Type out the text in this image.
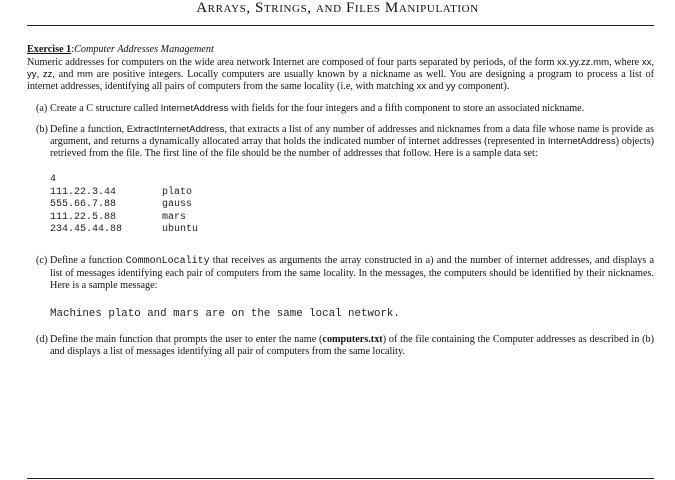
Arrays, Strings, and Files Manipulation

Exercise 1:Computer Addresses Management

Numeric addresses for computers on the wide area network Internet are composed of four parts separated by periods, of the form xx.yy.zz.mm, where xx, yy, zz, and mm are positive integers. Locally computers are usually known by a nickname as well. You are designing a program to process a list of internet addresses, identifying all pairs of computers from the same locality (i.e, with matching xx and yy component).

(a) Create a C structure called InternetAddress with fields for the four integers and a fifth component to store an associated nickname.

(b) Define a function, ExtractInternetAddress, that extracts a list of any number of addresses and nicknames from a data file whose name is provide as argument, and returns a dynamically allocated array that holds the indicated number of internet addresses (represented in InternetAddress) objects) retrieved from the file. The first line of the file should be the number of addresses that follow. Here is a sample data set:

4
111.22.3.44	plato
555.66.7.88	gauss
111.22.5.88	mars
234.45.44.88	ubuntu
(c) Define a function CommonLocality that receives as arguments the array constructed in a) and the number of internet addresses, and displays a list of messages identifying each pair of computers from the same locality. In the messages, the computers should be identified by their nicknames. Here is a sample message:

Machines plato and mars are on the same local network.
(d) Define the main function that prompts the user to enter the name (computers.txt) of the file containing the Computer addresses as described in (b) and displays a list of messages identifying all pair of computers from the same locality.
